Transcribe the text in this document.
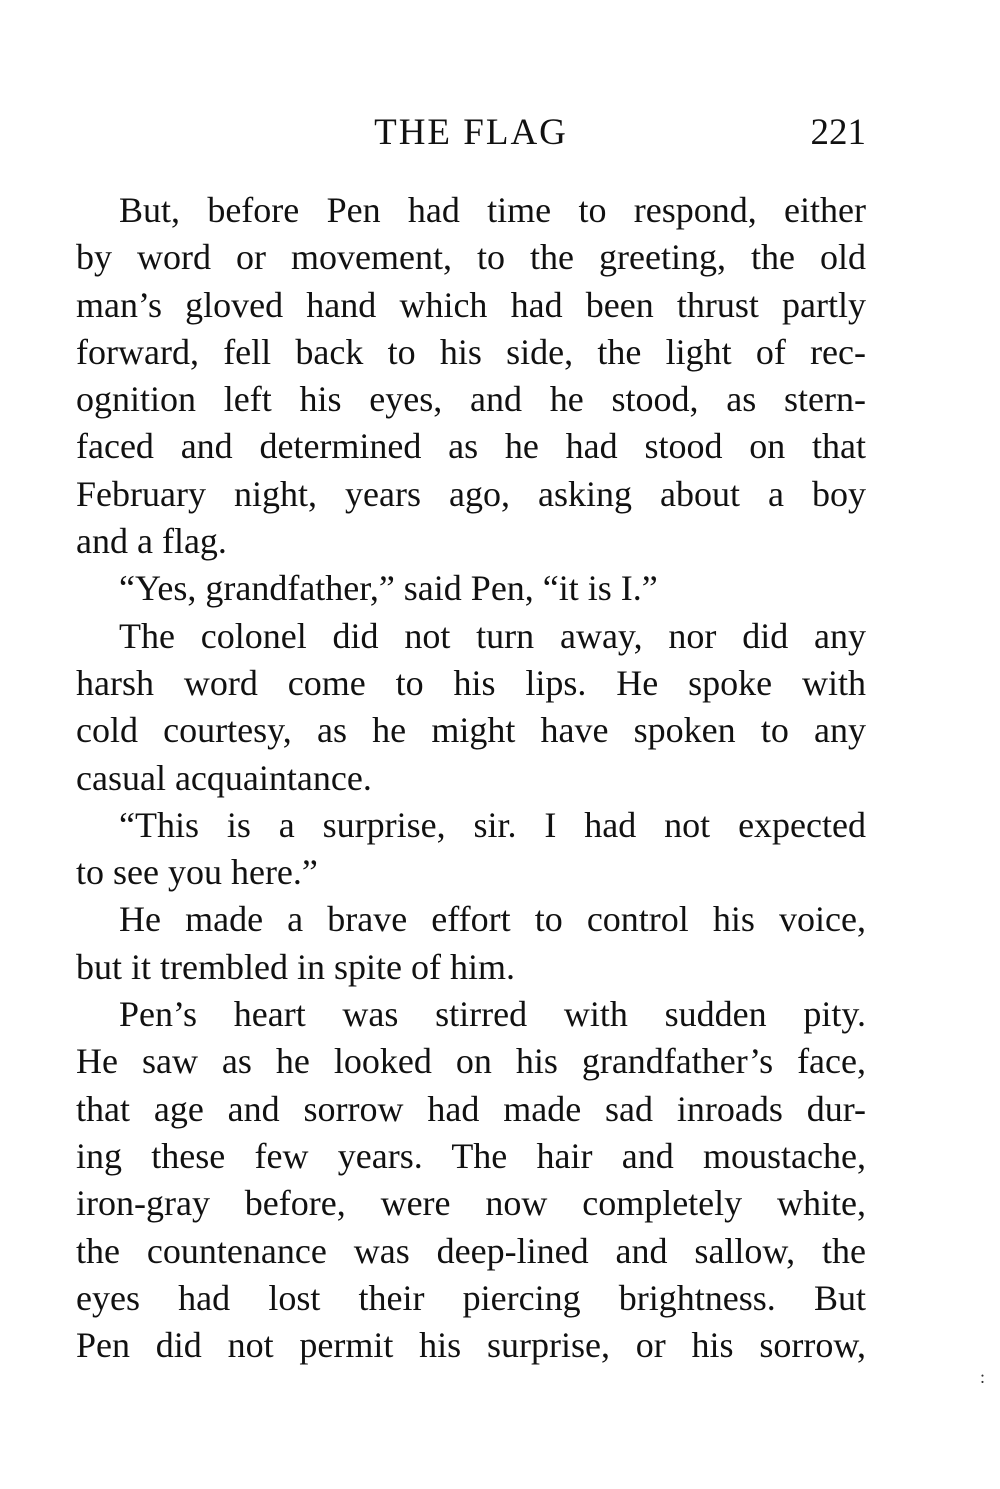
THE FLAG	221
But, before Pen had time to respond, either
by word or movement, to the greeting, the old
man’s gloved hand which had been thrust partly
forward, fell back to his side, the light of rec-
ognition left his eyes, and he stood, as stern-
faced and determined as he had stood on that
February night, years ago, asking about a boy
and a flag.
“Yes, grandfather,” said Pen, “it is I.”
The colonel did not turn away, nor did any
harsh word come to his lips. He spoke with
cold courtesy, as he might have spoken to any
casual acquaintance.
“This is a surprise, sir. I had not expected
to see you here.”
He made a brave effort to control his voice,
but it trembled in spite of him.
Pen’s heart was stirred with sudden pity.
He saw as he looked on his grandfather’s face,
that age and sorrow had made sad inroads dur-
ing these few years. The hair and moustache,
iron-gray before, were now completely white,
the countenance was deep-lined and sallow, the
eyes had lost their piercing brightness. But
Pen did not permit his surprise, or his sorrow,
:
